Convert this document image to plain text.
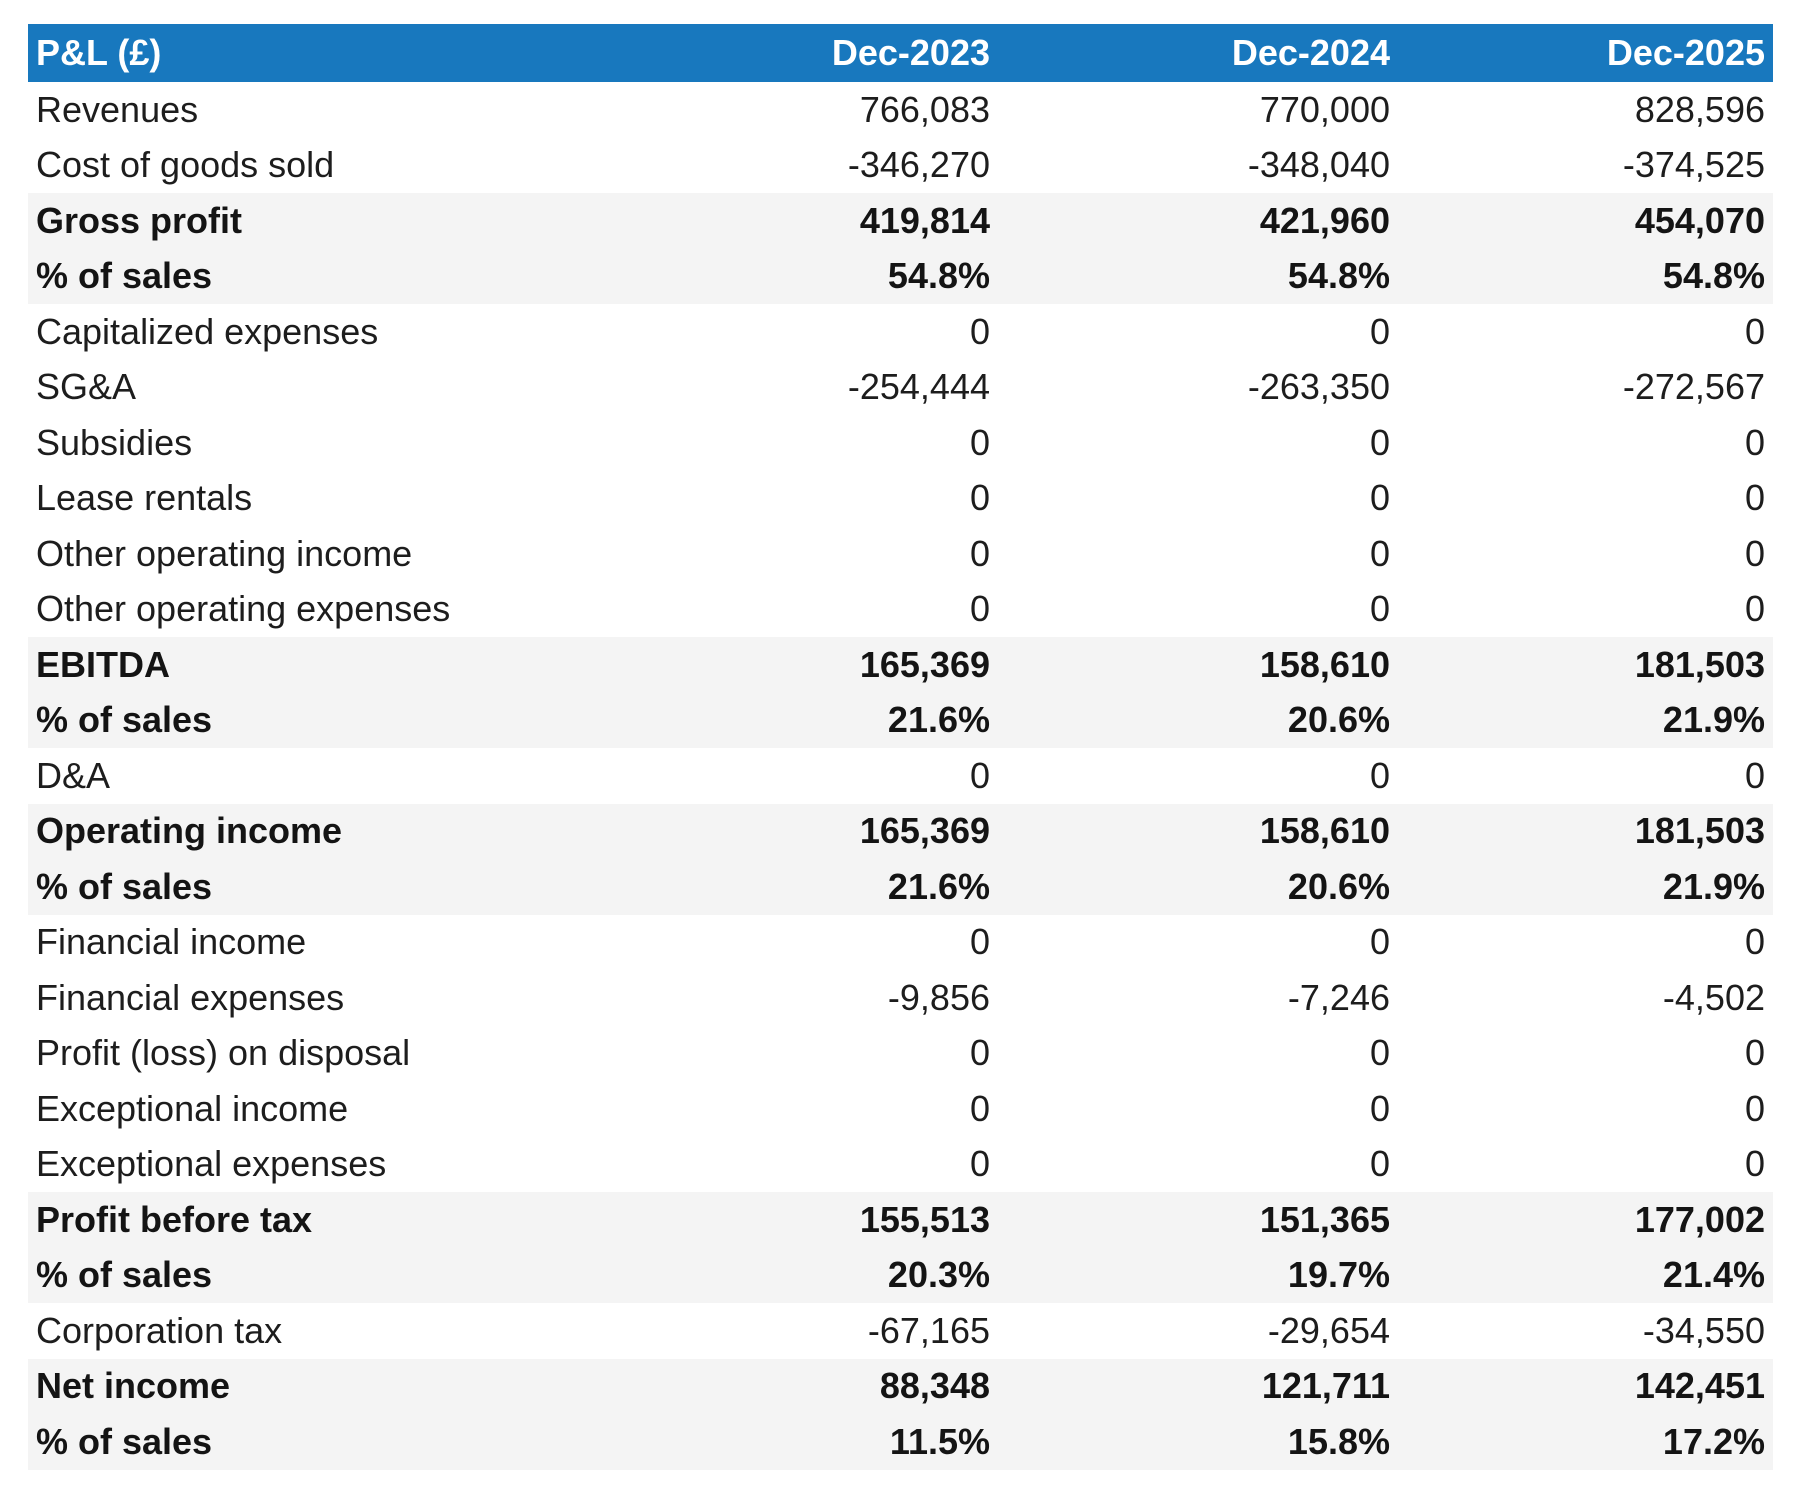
P&L (£)	Dec-2023	Dec-2024	Dec-2025
Revenues	766,083	770,000	828,596
Cost of goods sold	-346,270	-348,040	-374,525
Gross profit	419,814	421,960	454,070
% of sales	54.8%	54.8%	54.8%
Capitalized expenses	0	0	0
SG&A	-254,444	-263,350	-272,567
Subsidies	0	0	0
Lease rentals	0	0	0
Other operating income	0	0	0
Other operating expenses	0	0	0
EBITDA	165,369	158,610	181,503
% of sales	21.6%	20.6%	21.9%
D&A	0	0	0
Operating income	165,369	158,610	181,503
% of sales	21.6%	20.6%	21.9%
Financial income	0	0	0
Financial expenses	-9,856	-7,246	-4,502
Profit (loss) on disposal	0	0	0
Exceptional income	0	0	0
Exceptional expenses	0	0	0
Profit before tax	155,513	151,365	177,002
% of sales	20.3%	19.7%	21.4%
Corporation tax	-67,165	-29,654	-34,550
Net income	88,348	121,711	142,451
% of sales	11.5%	15.8%	17.2%
